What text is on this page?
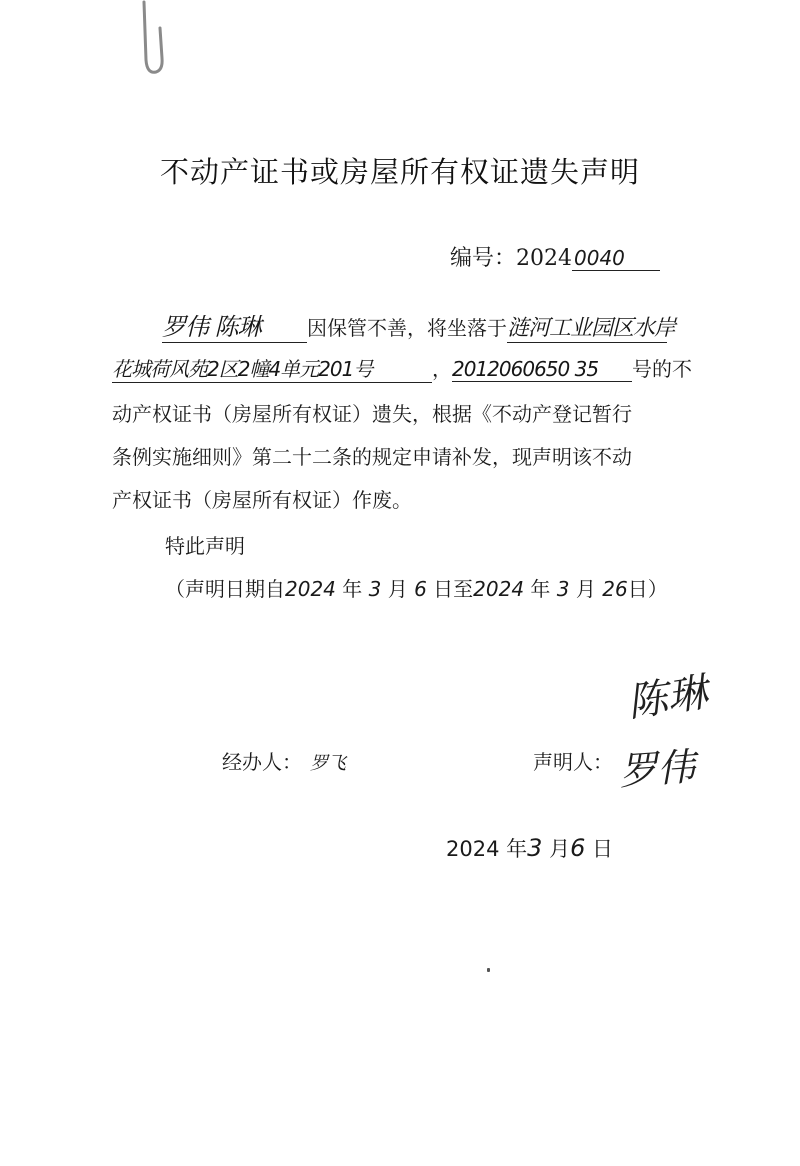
不动产证书或房屋所有权证遗失声明
编号：2024 0040
罗伟 陈琳 因保管不善，将坐落于涟河工业园区水岸
花城荷风苑2区2幢4单元201号	，2012060650 35 号的不
动产权证书（房屋所有权证）遗失，根据《不动产登记暂行
条例实施细则》第二十二条的规定申请补发，现声明该不动
产权证书（房屋所有权证）作废。
特此声明
（声明日期自2024 年 3 月 6 日至2024 年 3 月 26日）
经办人： 罗飞	声明人：
陈琳
罗伟
2024 年3 月6 日
